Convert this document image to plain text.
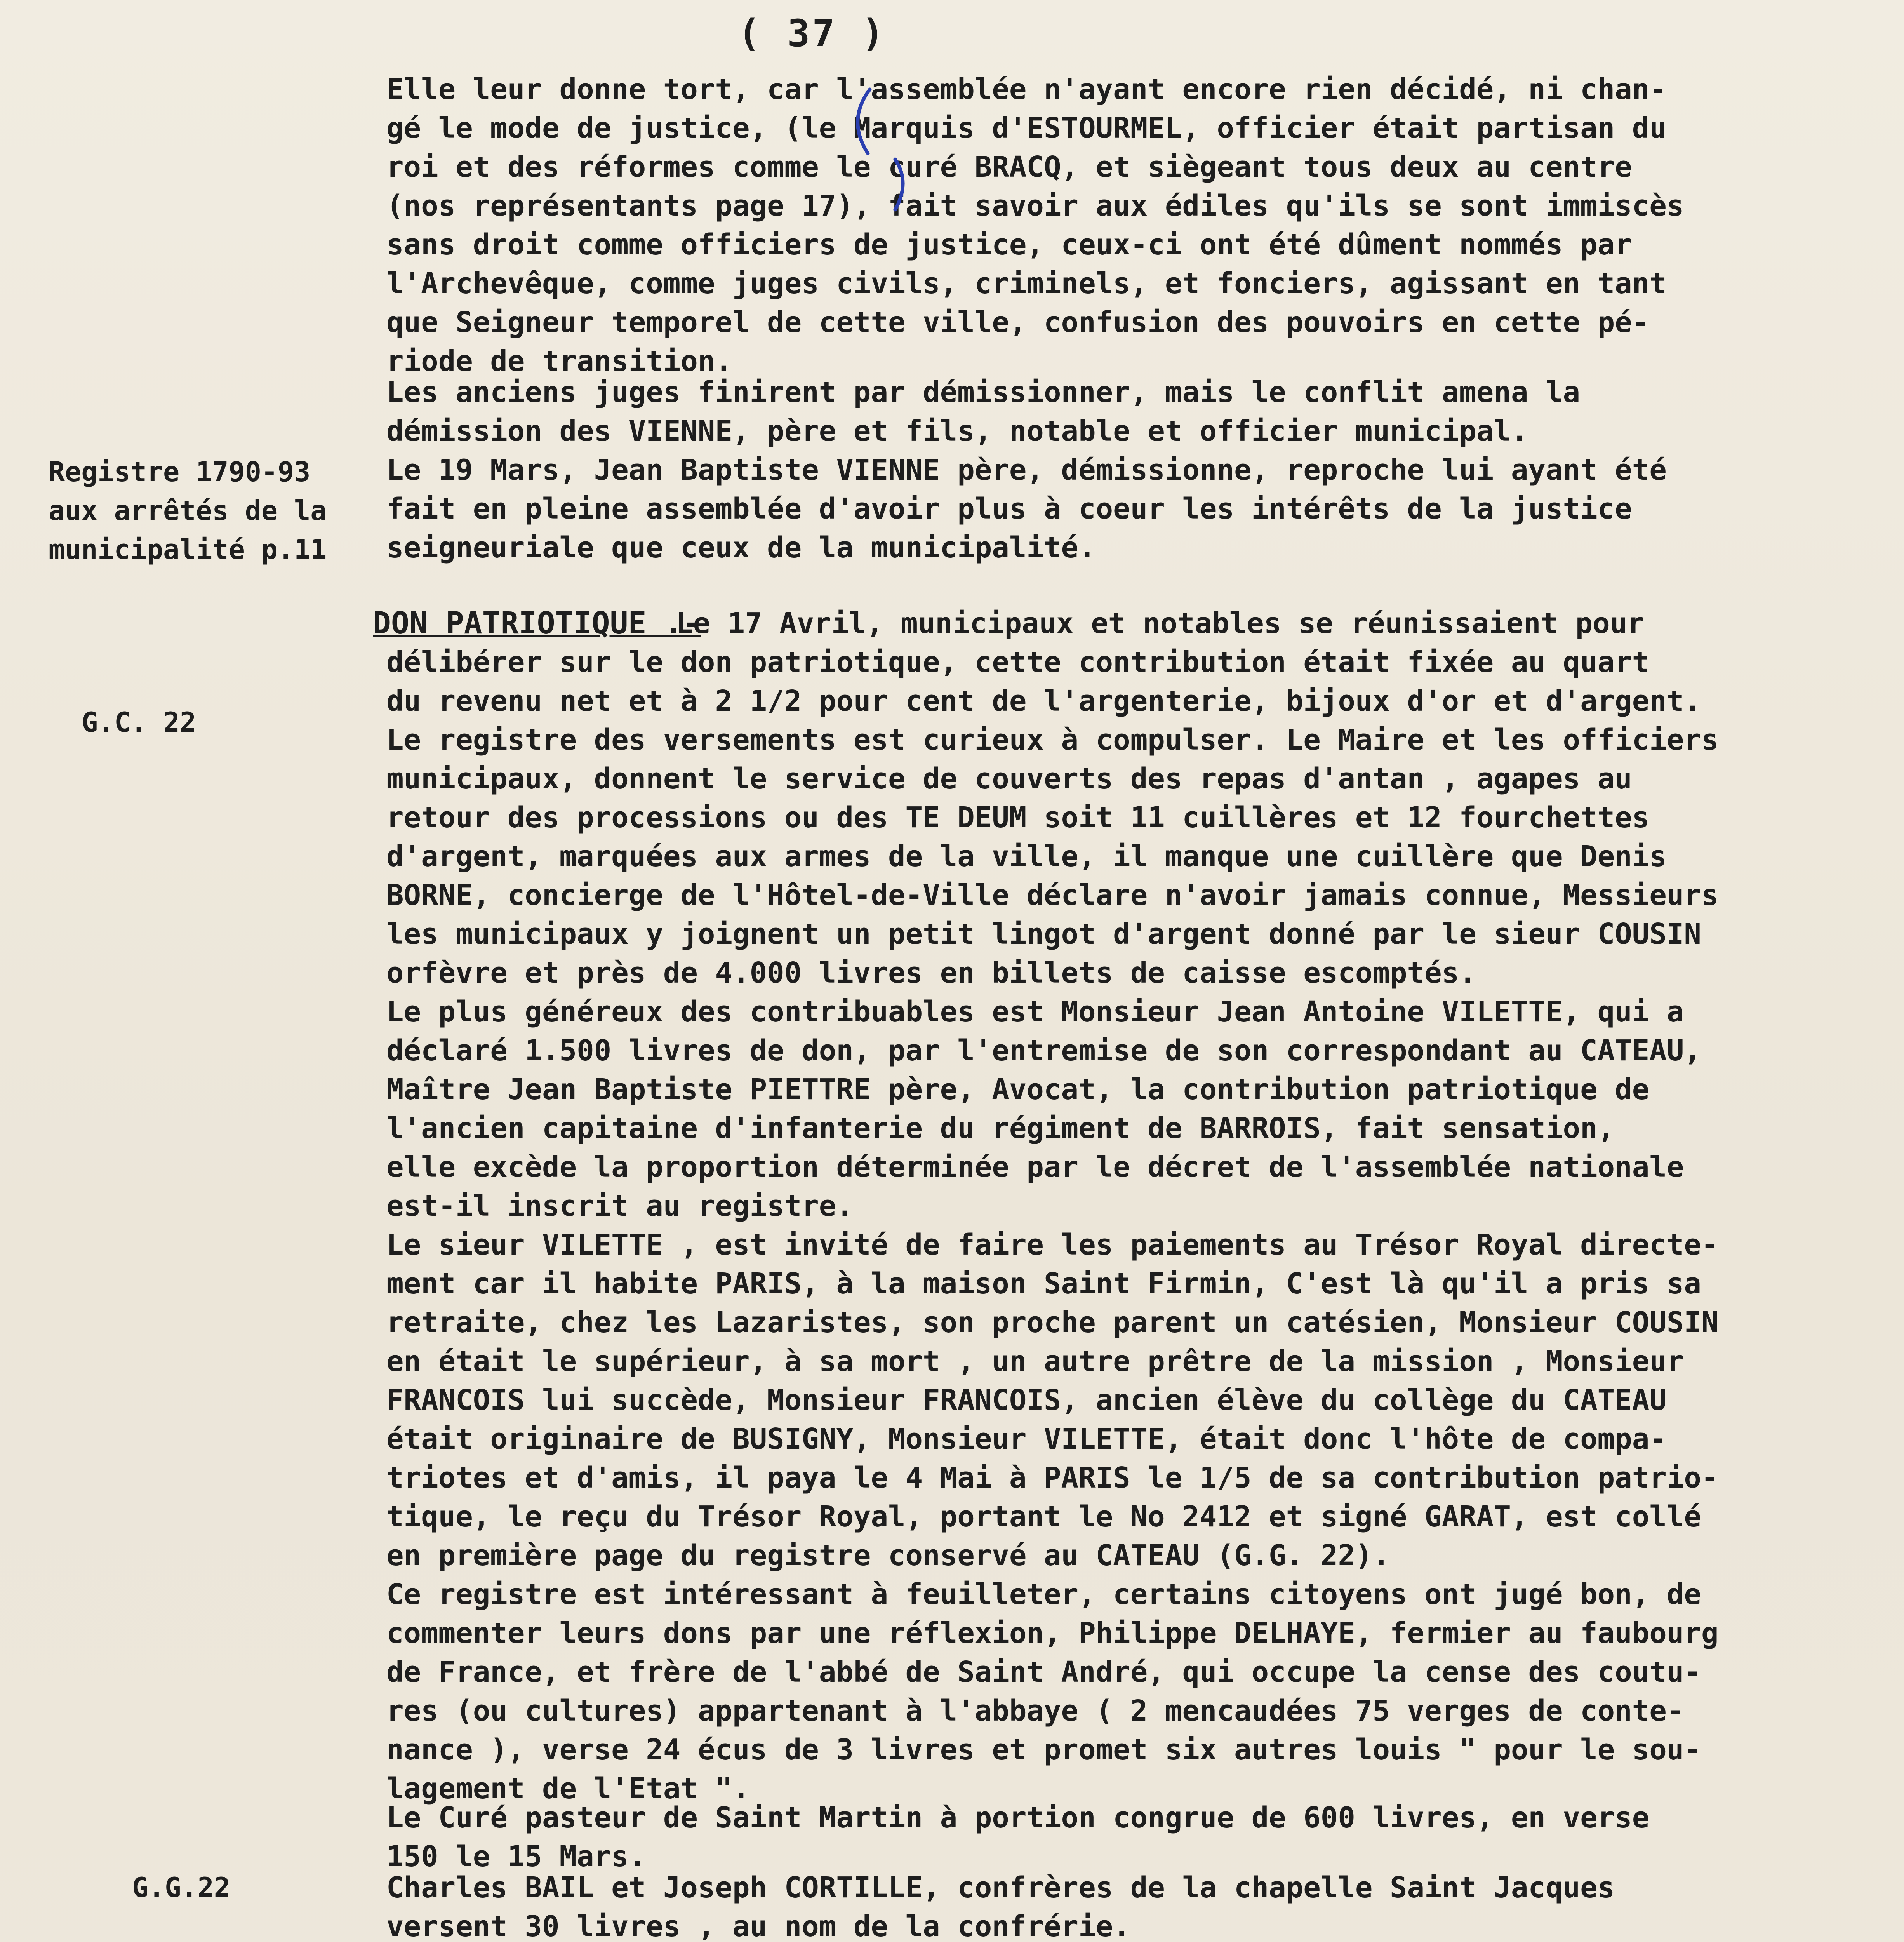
( 37 )
Registre 1790-93
aux arrêtés de la
municipalité p.11
G.C. 22
G.G.22
DON PATRIOTIQUE .-
Elle leur donne tort, car l'assemblée n'ayant encore rien décidé, ni chan-
gé le mode de justice, (le Marquis d'ESTOURMEL, officier était partisan du
roi et des réformes comme le curé BRACQ, et siègeant tous deux au centre
(nos représentants page 17), fait savoir aux édiles qu'ils se sont immiscès
sans droit comme officiers de justice, ceux-ci ont été dûment nommés par
l'Archevêque, comme juges civils, criminels, et fonciers, agissant en tant
que Seigneur temporel de cette ville, confusion des pouvoirs en cette pé-
riode de transition.
Les anciens juges finirent par démissionner, mais le conflit amena la
démission des VIENNE, père et fils, notable et officier municipal.
Le 19 Mars, Jean Baptiste VIENNE père, démissionne, reproche lui ayant été
fait en pleine assemblée d'avoir plus à coeur les intérêts de la justice
seigneuriale que ceux de la municipalité.
Le 17 Avril, municipaux et notables se réunissaient pour
délibérer sur le don patriotique, cette contribution était fixée au quart
du revenu net et à 2 1/2 pour cent de l'argenterie, bijoux d'or et d'argent.
Le registre des versements est curieux à compulser. Le Maire et les officiers
municipaux, donnent le service de couverts des repas d'antan , agapes au
retour des processions ou des TE DEUM soit 11 cuillères et 12 fourchettes
d'argent, marquées aux armes de la ville, il manque une cuillère que Denis
BORNE, concierge de l'Hôtel-de-Ville déclare n'avoir jamais connue, Messieurs
les municipaux y joignent un petit lingot d'argent donné par le sieur COUSIN
orfèvre et près de 4.000 livres en billets de caisse escomptés.
Le plus généreux des contribuables est Monsieur Jean Antoine VILETTE, qui a
déclaré 1.500 livres de don, par l'entremise de son correspondant au CATEAU,
Maître Jean Baptiste PIETTRE père, Avocat, la contribution patriotique de
l'ancien capitaine d'infanterie du régiment de BARROIS, fait sensation,
elle excède la proportion déterminée par le décret de l'assemblée nationale
est-il inscrit au registre.
Le sieur VILETTE , est invité de faire les paiements au Trésor Royal directe-
ment car il habite PARIS, à la maison Saint Firmin, C'est là qu'il a pris sa
retraite, chez les Lazaristes, son proche parent un catésien, Monsieur COUSIN
en était le supérieur, à sa mort , un autre prêtre de la mission , Monsieur
FRANCOIS lui succède, Monsieur FRANCOIS, ancien élève du collège du CATEAU
était originaire de BUSIGNY, Monsieur VILETTE, était donc l'hôte de compa-
triotes et d'amis, il paya le 4 Mai à PARIS le 1/5 de sa contribution patrio-
tique, le reçu du Trésor Royal, portant le No 2412 et signé GARAT, est collé
en première page du registre conservé au CATEAU (G.G. 22).
Ce registre est intéressant à feuilleter, certains citoyens ont jugé bon, de
commenter leurs dons par une réflexion, Philippe DELHAYE, fermier au faubourg
de France, et frère de l'abbé de Saint André, qui occupe la cense des coutu-
res (ou cultures) appartenant à l'abbaye ( 2 mencaudées 75 verges de conte-
nance ), verse 24 écus de 3 livres et promet six autres louis " pour le sou-
lagement de l'Etat ".
Le Curé pasteur de Saint Martin à portion congrue de 600 livres, en verse
150 le 15 Mars.
Charles BAIL et Joseph CORTILLE, confrères de la chapelle Saint Jacques
versent 30 livres , au nom de la confrérie.
